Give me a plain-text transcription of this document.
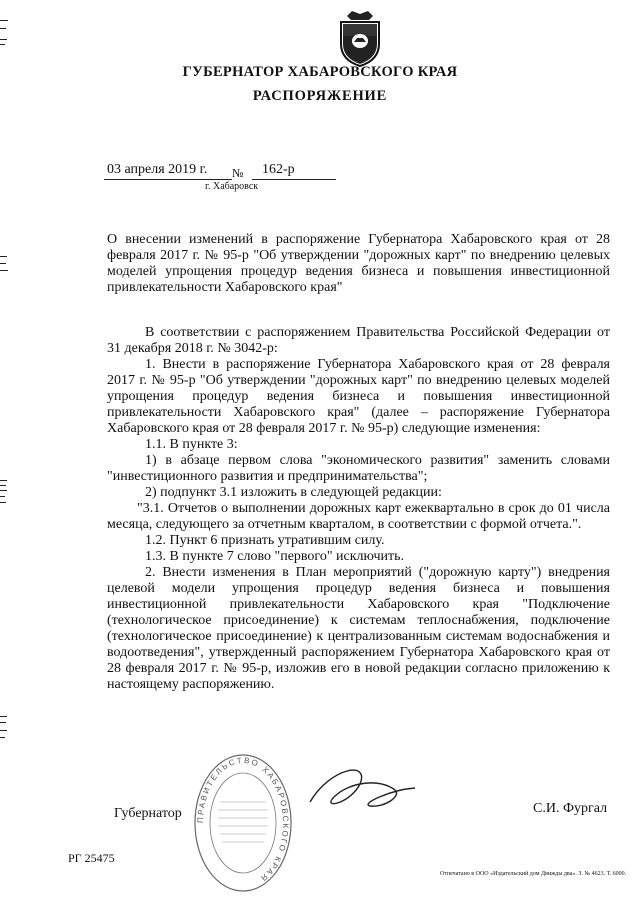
ГУБЕРНАТОР ХАБАРОВСКОГО КРАЯ
РАСПОРЯЖЕНИЕ
03 апреля 2019 г. № 162-р
г. Хабаровск
О внесении изменений в распоряжение Губернатора Хабаровского края от 28 февраля 2017 г. № 95-р "Об утверждении "дорожных карт" по внедрению целевых моделей упрощения процедур ведения бизнеса и повышения инвестиционной привлекательности Хабаровского края"

В соответствии с распоряжением Правительства Российской Федерации от 31 декабря 2018 г. № 3042-р:

1. Внести в распоряжение Губернатора Хабаровского края от 28 февраля 2017 г. № 95-р "Об утверждении "дорожных карт" по внедрению целевых моделей упрощения процедур ведения бизнеса и повышения инвестиционной привлекательности Хабаровского края" (далее – распоряжение Губернатора Хабаровского края от 28 февраля 2017 г. № 95-р) следующие изменения:

1.1. В пункте 3:

1) в абзаце первом слова "экономического развития" заменить словами "инвестиционного развития и предпринимательства";

2) подпункт 3.1 изложить в следующей редакции:

"3.1. Отчетов о выполнении дорожных карт ежеквартально в срок до 01 числа месяца, следующего за отчетным кварталом, в соответствии с формой отчета.".

1.2. Пункт 6 признать утратившим силу.

1.3. В пункте 7 слово "первого" исключить.

2. Внести изменения в План мероприятий ("дорожную карту") внедрения целевой модели упрощения процедур ведения бизнеса и повышения инвестиционной привлекательности Хабаровского края "Подключение (технологическое присоединение) к системам теплоснабжения, подключение (технологическое присоединение) к централизованным системам водоснабжения и водоотведения", утвержденный распоряжением Губернатора Хабаровского края от 28 февраля 2017 г. № 95-р, изложив его в новой редакции согласно приложению к настоящему распоряжению.

ПРАВИТЕЛЬСТВО ХАБАРОВСКОГО КРАЯ
Губернатор	С.И. Фургал
РГ 25475
Отпечатано в ООО «Издательский дом Движды два». З. № 4623. Т. 6000.
